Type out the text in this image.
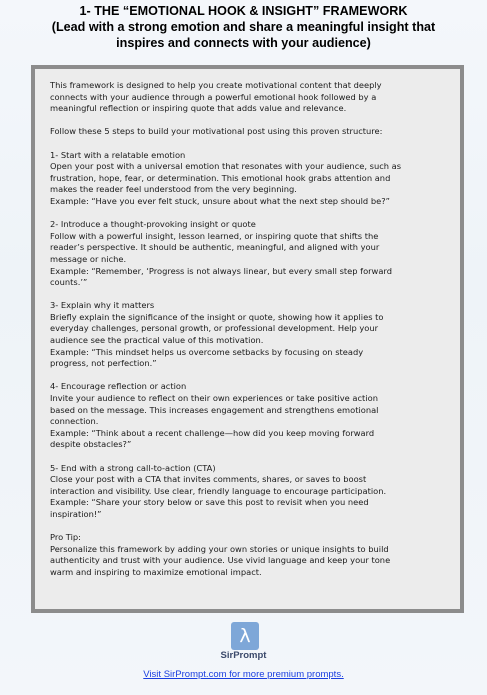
1- THE “EMOTIONAL HOOK & INSIGHT” FRAMEWORK
(Lead with a strong emotion and share a meaningful insight that
inspires and connects with your audience)

This framework is designed to help you create motivational content that deeply
connects with your audience through a powerful emotional hook followed by a
meaningful reflection or inspiring quote that adds value and relevance.

Follow these 5 steps to build your motivational post using this proven structure:

1- Start with a relatable emotion
Open your post with a universal emotion that resonates with your audience, such as
frustration, hope, fear, or determination. This emotional hook grabs attention and
makes the reader feel understood from the very beginning.
Example: “Have you ever felt stuck, unsure about what the next step should be?”

2- Introduce a thought-provoking insight or quote
Follow with a powerful insight, lesson learned, or inspiring quote that shifts the
reader’s perspective. It should be authentic, meaningful, and aligned with your
message or niche.
Example: “Remember, ‘Progress is not always linear, but every small step forward
counts.’”

3- Explain why it matters
Briefly explain the significance of the insight or quote, showing how it applies to
everyday challenges, personal growth, or professional development. Help your
audience see the practical value of this motivation.
Example: “This mindset helps us overcome setbacks by focusing on steady
progress, not perfection.”

4- Encourage reflection or action
Invite your audience to reflect on their own experiences or take positive action
based on the message. This increases engagement and strengthens emotional
connection.
Example: “Think about a recent challenge—how did you keep moving forward
despite obstacles?”

5- End with a strong call-to-action (CTA)
Close your post with a CTA that invites comments, shares, or saves to boost
interaction and visibility. Use clear, friendly language to encourage participation.
Example: “Share your story below or save this post to revisit when you need
inspiration!”

Pro Tip:
Personalize this framework by adding your own stories or unique insights to build
authenticity and trust with your audience. Use vivid language and keep your tone
warm and inspiring to maximize emotional impact.

λ
SirPrompt
Visit SirPrompt.com for more premium prompts.
